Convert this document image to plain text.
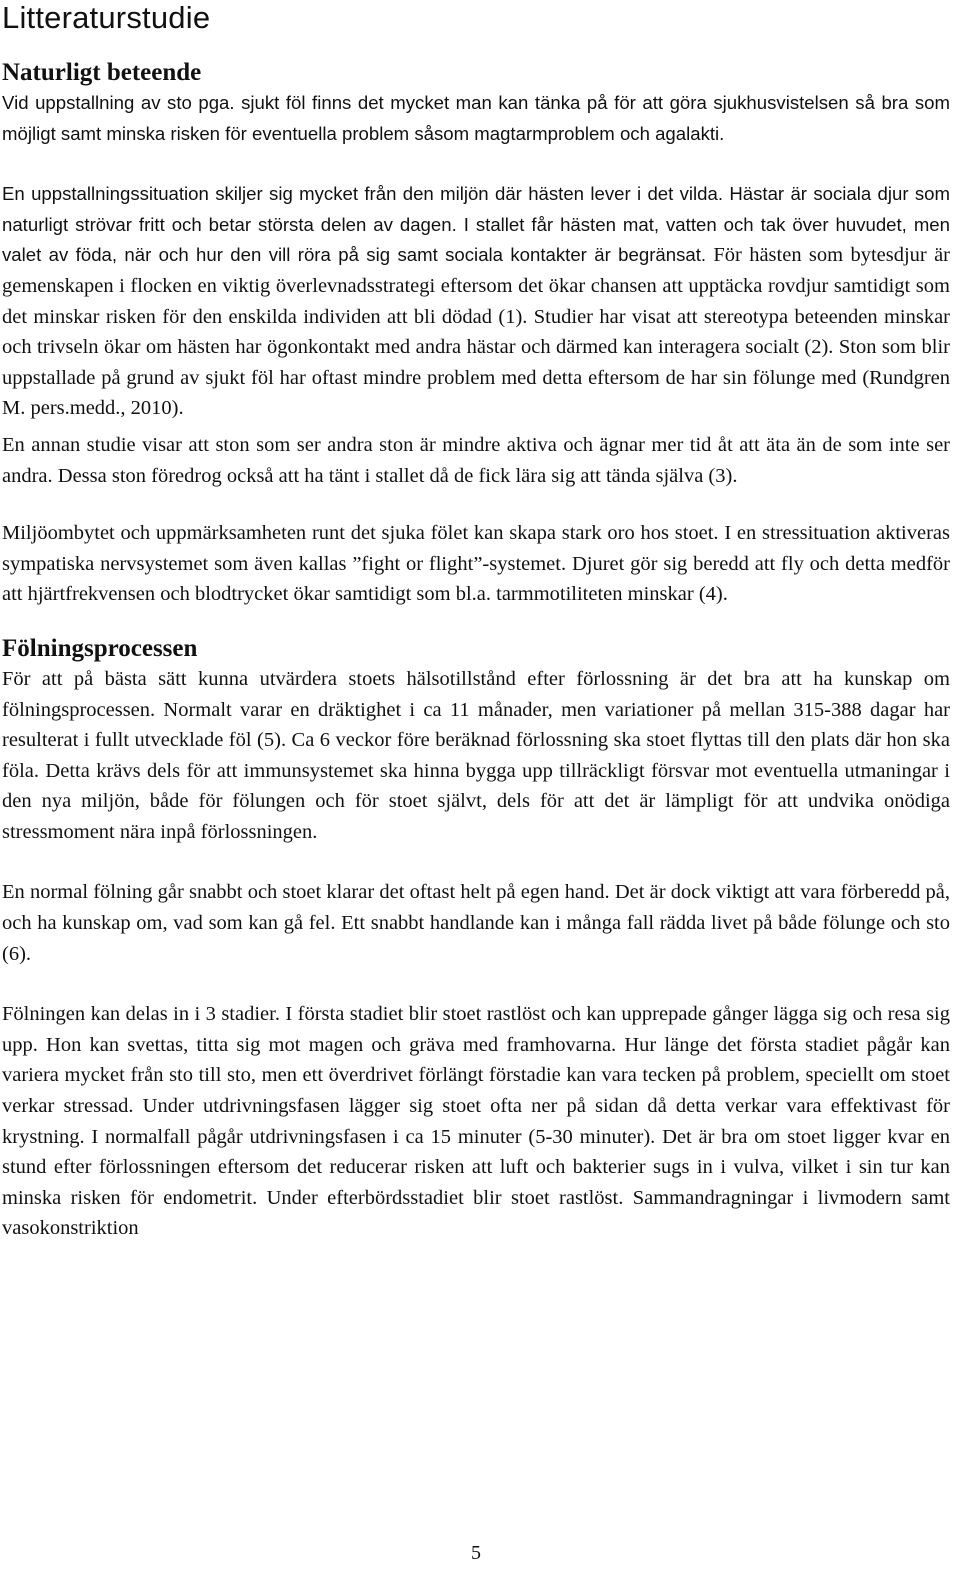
Litteraturstudie
Naturligt beteende

Vid uppstallning av sto pga. sjukt föl finns det mycket man kan tänka på för att göra sjukhusvistelsen så bra som möjligt samt minska risken för eventuella problem såsom magtarmproblem och agalakti.

En uppstallningssituation skiljer sig mycket från den miljön där hästen lever i det vilda. Hästar är sociala djur som naturligt strövar fritt och betar största delen av dagen. I stallet får hästen mat, vatten och tak över huvudet, men valet av föda, när och hur den vill röra på sig samt sociala kontakter är begränsat. För hästen som bytesdjur är gemenskapen i flocken en viktig överlevnadsstrategi eftersom det ökar chansen att upptäcka rovdjur samtidigt som det minskar risken för den enskilda individen att bli dödad (1). Studier har visat att stereotypa beteenden minskar och trivseln ökar om hästen har ögonkontakt med andra hästar och därmed kan interagera socialt (2). Ston som blir uppstallade på grund av sjukt föl har oftast mindre problem med detta eftersom de har sin fölunge med (Rundgren M. pers.medd., 2010).

En annan studie visar att ston som ser andra ston är mindre aktiva och ägnar mer tid åt att äta än de som inte ser andra. Dessa ston föredrog också att ha tänt i stallet då de fick lära sig att tända själva (3).

Miljöombytet och uppmärksamheten runt det sjuka fölet kan skapa stark oro hos stoet. I en stressituation aktiveras sympatiska nervsystemet som även kallas ”fight or flight”-systemet. Djuret gör sig beredd att fly och detta medför att hjärtfrekvensen och blodtrycket ökar samtidigt som bl.a. tarmmotiliteten minskar (4).

Fölningsprocessen

För att på bästa sätt kunna utvärdera stoets hälsotillstånd efter förlossning är det bra att ha kunskap om fölningsprocessen. Normalt varar en dräktighet i ca 11 månader, men variationer på mellan 315-388 dagar har resulterat i fullt utvecklade föl (5). Ca 6 veckor före beräknad förlossning ska stoet flyttas till den plats där hon ska föla. Detta krävs dels för att immunsystemet ska hinna bygga upp tillräckligt försvar mot eventuella utmaningar i den nya miljön, både för fölungen och för stoet självt, dels för att det är lämpligt för att undvika onödiga stressmoment nära inpå förlossningen.

En normal fölning går snabbt och stoet klarar det oftast helt på egen hand. Det är dock viktigt att vara förberedd på, och ha kunskap om, vad som kan gå fel. Ett snabbt handlande kan i många fall rädda livet på både fölunge och sto (6).

Fölningen kan delas in i 3 stadier. I första stadiet blir stoet rastlöst och kan upprepade gånger lägga sig och resa sig upp. Hon kan svettas, titta sig mot magen och gräva med framhovarna. Hur länge det första stadiet pågår kan variera mycket från sto till sto, men ett överdrivet förlängt förstadie kan vara tecken på problem, speciellt om stoet verkar stressad. Under utdrivningsfasen lägger sig stoet ofta ner på sidan då detta verkar vara effektivast för krystning. I normalfall pågår utdrivningsfasen i ca 15 minuter (5-30 minuter). Det är bra om stoet ligger kvar en stund efter förlossningen eftersom det reducerar risken att luft och bakterier sugs in i vulva, vilket i sin tur kan minska risken för endometrit. Under efterbördsstadiet blir stoet rastlöst. Sammandragningar i livmodern samt vasokonstriktion

5
